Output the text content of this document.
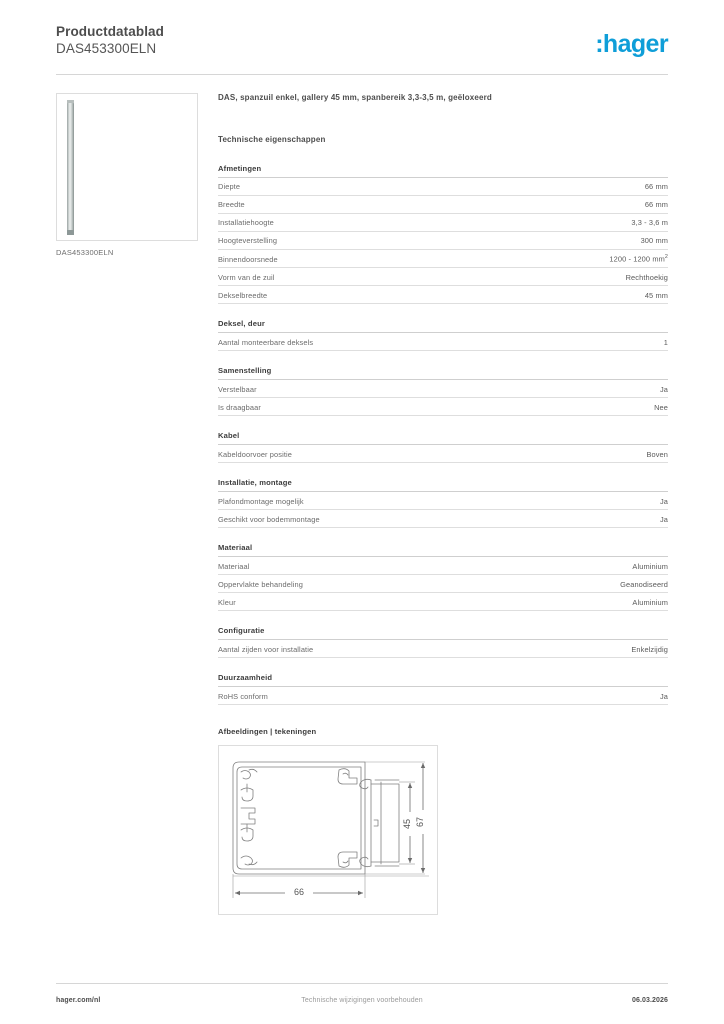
Productdatablad
DAS453300ELN	:hager
DAS453300ELN
DAS, spanzuil enkel, gallery 45 mm, spanbereik 3,3-3,5 m, geëloxeerd
Technische eigenschappen
Afmetingen
Diepte	66 mm
Breedte	66 mm
Installatiehoogte	3,3 - 3,6 m
Hoogteverstelling	300 mm
Binnendoorsnede	1200 - 1200 $mm^2$
Vorm van de zuil	Rechthoekig
Dekselbreedte	45 mm
Deksel, deur
Aantal monteerbare deksels	1
Samenstelling
Verstelbaar	Ja
Is draagbaar	Nee
Kabel
Kabeldoorvoer positie	Boven
Installatie, montage
Plafondmontage mogelijk	Ja
Geschikt voor bodemmontage	Ja
Materiaal
Materiaal	Aluminium
Oppervlakte behandeling	Geanodiseerd
Kleur	Aluminium
Configuratie
Aantal zijden voor installatie	Enkelzijdig
Duurzaamheid
RoHS conform	Ja
Afbeeldingen | tekeningen
66
45 67
hager.com/nl	Technische wijzigingen voorbehouden	06.03.2026
